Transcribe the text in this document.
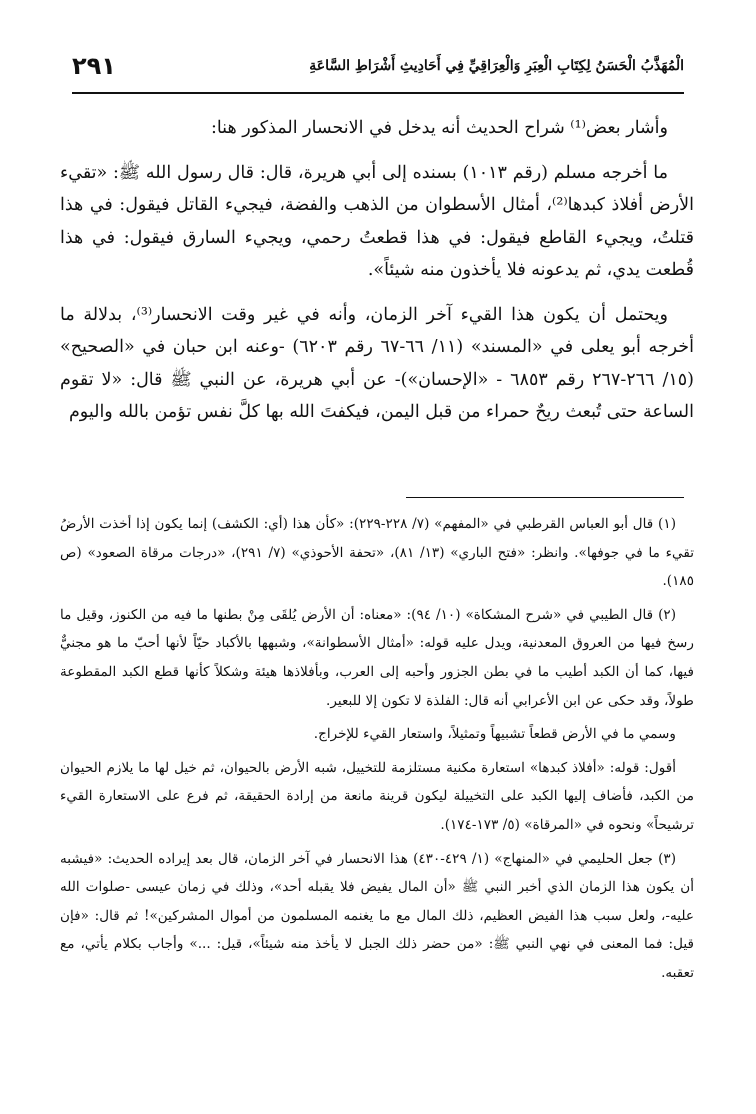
٢٩١	الْمُهَذَّبُ الْحَسَنُ لِكِتَابِ الْعِبَرِ وَالْعِرَاقِيِّ فِي أَحَادِيثِ أَشْرَاطِ السَّاعَةِ

وأشار بعض⁽¹⁾ شراح الحديث أنه يدخل في الانحسار المذكور هنا:

ما أخرجه مسلم (رقم ١٠١٣) بسنده إلى أبي هريرة، قال: قال رسول الله ﷺ: «تقيء الأرض أفلاذ كبدها⁽²⁾، أمثال الأسطوان من الذهب والفضة، فيجيء القاتل فيقول: في هذا قتلتُ، ويجيء القاطع فيقول: في هذا قطعتُ رحمي، ويجيء السارق فيقول: في هذا قُطعت يدي، ثم يدعونه فلا يأخذون منه شيئاً».

ويحتمل أن يكون هذا القيء آخر الزمان، وأنه في غير وقت الانحسار⁽³⁾، بدلالة ما أخرجه أبو يعلى في «المسند» (١١/ ٦٦-٦٧ رقم ٦٢٠٣) -وعنه ابن حبان في «الصحيح» (١٥/ ٢٦٦-٢٦٧ رقم ٦٨٥٣ - «الإحسان»)- عن أبي هريرة، عن النبي ﷺ قال: «لا تقوم الساعة حتى تُبعث ريحٌ حمراء من قبل اليمن، فيكفتَ الله بها كلَّ نفس تؤمن بالله واليوم

(١) قال أبو العباس القرطبي في «المفهم» (٧/ ٢٢٨-٢٢٩): «كأن هذا (أي: الكشف) إنما يكون إذا أخذت الأرضُ تقيء ما في جوفها». وانظر: «فتح الباري» (١٣/ ٨١)، «تحفة الأحوذي» (٧/ ٢٩١)، «درجات مرقاة الصعود» (ص ١٨٥).

(٢) قال الطيبي في «شرح المشكاة» (١٠/ ٩٤): «معناه: أن الأرض يُلقَى مِنْ بطنها ما فيه من الكنوز، وقيل ما رسخ فيها من العروق المعدنية، ويدل عليه قوله: «أمثال الأسطوانة»، وشبهها بالأكباد حيّاً لأنها أحبّ ما هو مجنيٌّ فيها، كما أن الكبد أطيب ما في بطن الجزور وأحبه إلى العرب، وبأفلاذها هيئة وشكلاً كأنها قطع الكبد المقطوعة طولاً، وقد حكى عن ابن الأعرابي أنه قال: الفلذة لا تكون إلا للبعير.

وسمي ما في الأرض قطعاً تشبيهاً وتمثيلاً، واستعار القيء للإخراج.

أقول: قوله: «أفلاذ كبدها» استعارة مكنية مستلزمة للتخييل، شبه الأرض بالحيوان، ثم خيل لها ما يلازم الحيوان من الكبد، فأضاف إليها الكبد على التخييلة ليكون قرينة مانعة من إرادة الحقيقة، ثم فرع على الاستعارة القيء ترشيحاً» ونحوه في «المرقاة» (٥/ ١٧٣-١٧٤).

(٣) جعل الحليمي في «المنهاج» (١/ ٤٢٩-٤٣٠) هذا الانحسار في آخر الزمان، قال بعد إيراده الحديث: «فيشبه أن يكون هذا الزمان الذي أخبر النبي ﷺ «أن المال يفيض فلا يقبله أحد»، وذلك في زمان عيسى -صلوات الله عليه-، ولعل سبب هذا الفيض العظيم، ذلك المال مع ما يغنمه المسلمون من أموال المشركين»! ثم قال: «فإن قيل: فما المعنى في نهي النبي ﷺ: «من حضر ذلك الجبل لا يأخذ منه شيئاً»، قيل: ...» وأجاب بكلام يأتي، مع تعقبه.
